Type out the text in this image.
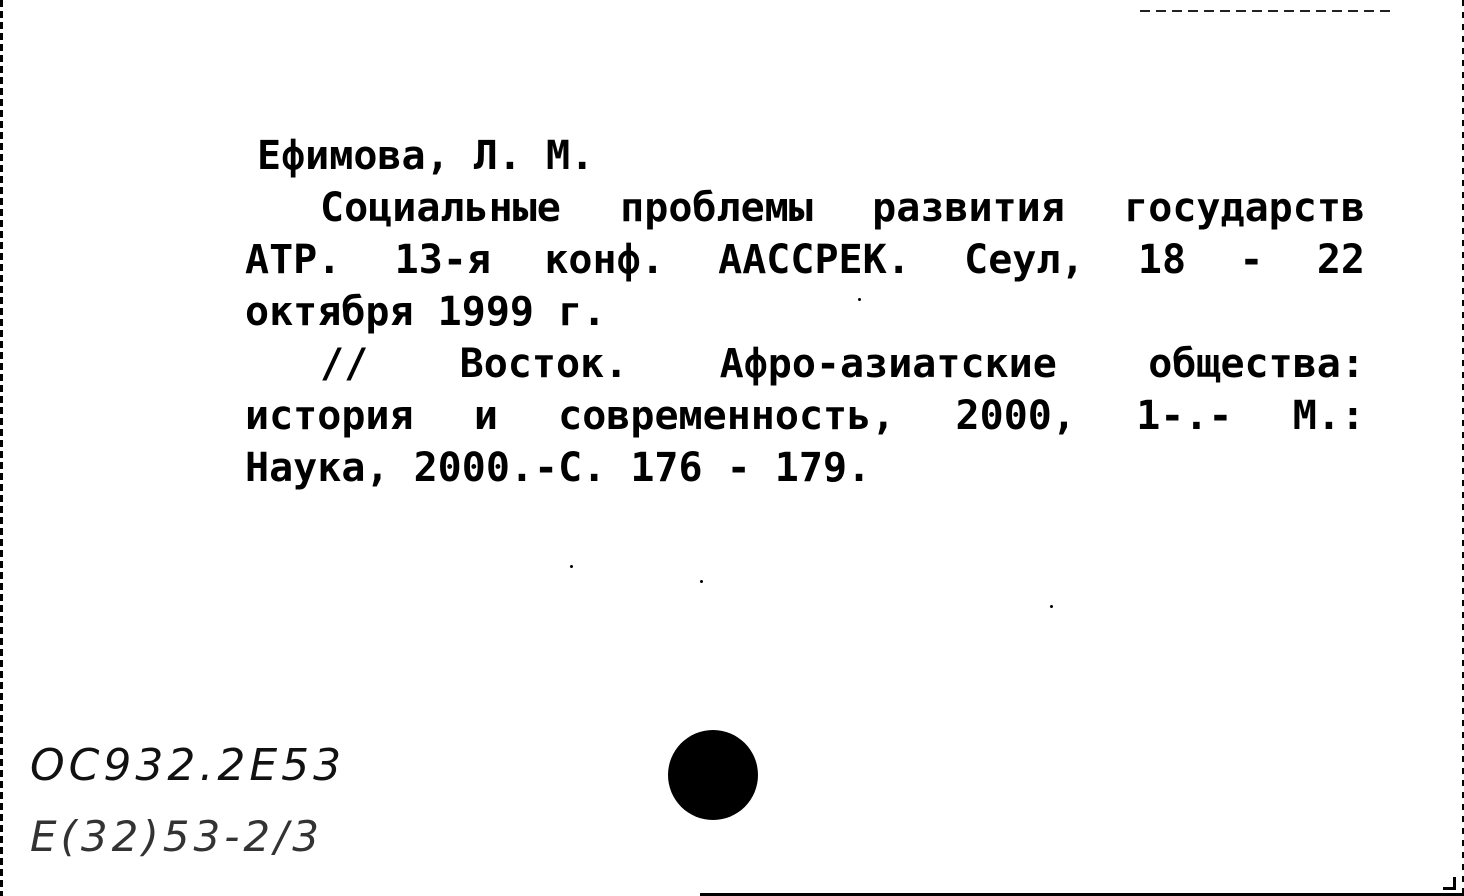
Ефимова, Л. М.
Социальные проблемы развития государств
АТР. 13-я конф. ААССРЕК. Сеул, 18 - 22
октября 1999 г.
// Восток. Афро-азиатские общества:
история и современность, 2000, 1-.- М.:
Наука, 2000.-С. 176 - 179.
ОС932.2Е53
Е(32)53-2/3
